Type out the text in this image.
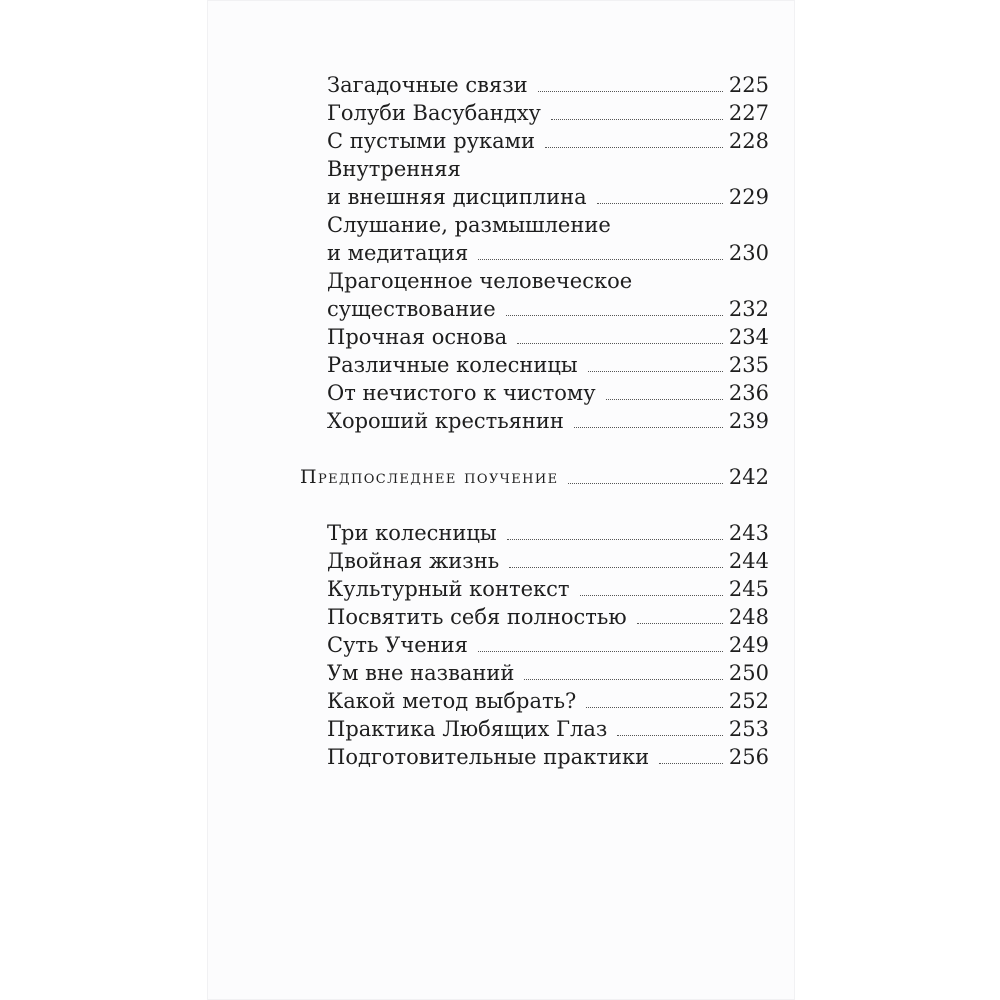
Загадочные связи	225
Голуби Васубандху	227
С пустыми руками	228
Внутренняя
и внешняя дисциплина	229
Слушание, размышление
и медитация	230
Драгоценное человеческое
существование	232
Прочная основа	234
Различные колесницы	235
От нечистого к чистому	236
Хороший крестьянин	239
Предпоследнее поучение	242
Три колесницы	243
Двойная жизнь	244
Культурный контекст	245
Посвятить себя полностью	248
Суть Учения	249
Ум вне названий	250
Какой метод выбрать?	252
Практика Любящих Глаз	253
Подготовительные практики	256
